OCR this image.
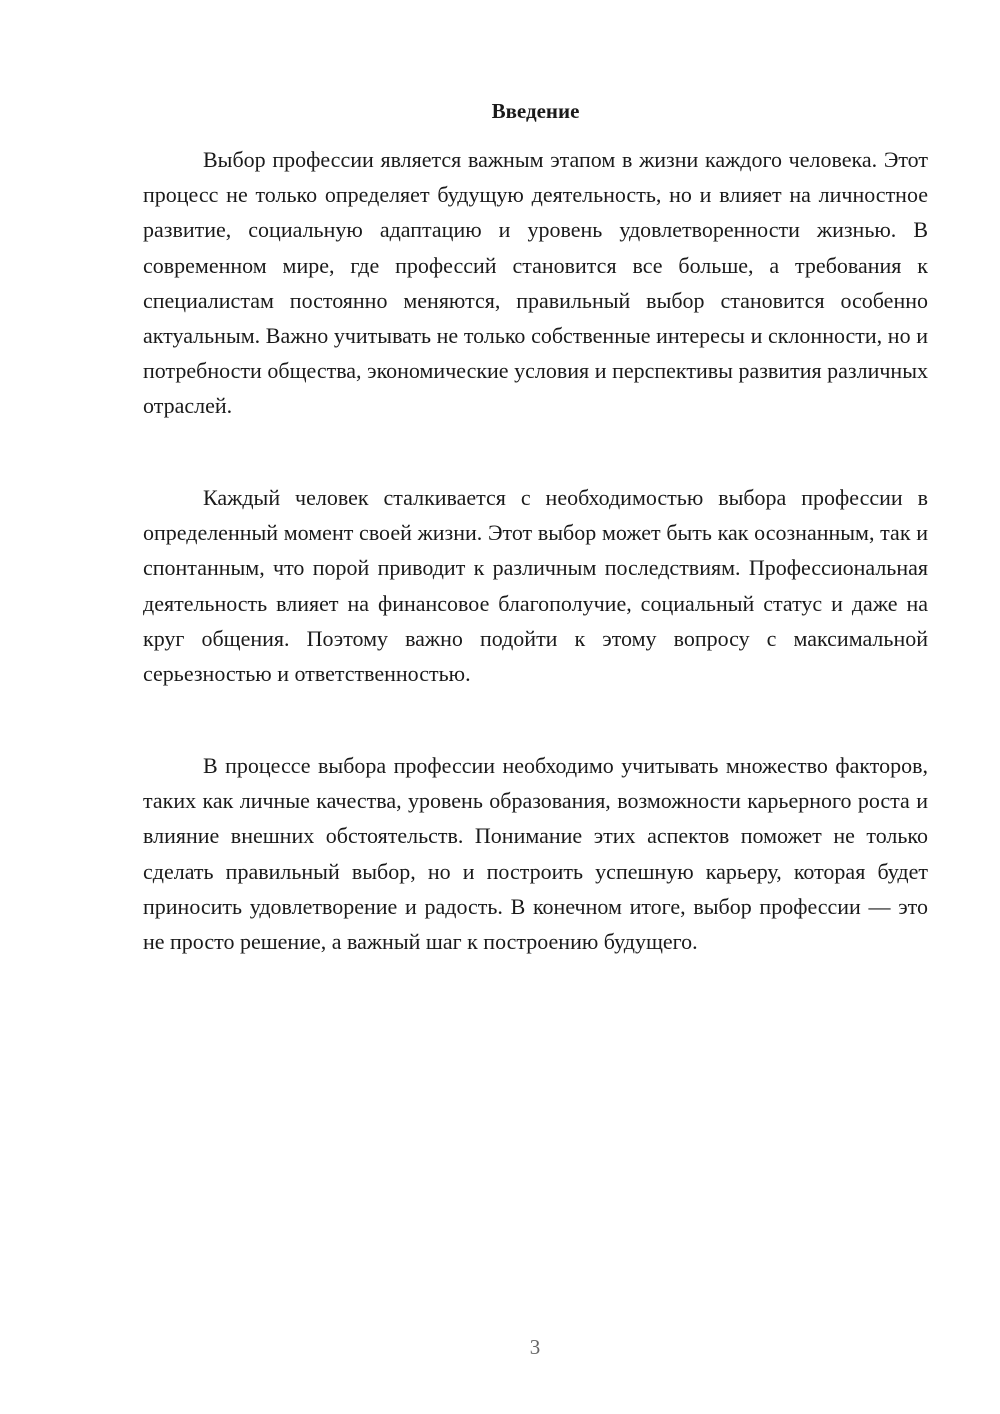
Введение

Выбор профессии является важным этапом в жизни каждого человека. Этот процесс не только определяет будущую деятельность, но и влияет на личностное развитие, социальную адаптацию и уровень удовлетворенности жизнью. В современном мире, где профессий становится все больше, а требования к специалистам постоянно меняются, правильный выбор становится особенно актуальным. Важно учитывать не только собственные интересы и склонности, но и потребности общества, экономические условия и перспективы развития различных отраслей.

Каждый человек сталкивается с необходимостью выбора профессии в определенный момент своей жизни. Этот выбор может быть как осознанным, так и спонтанным, что порой приводит к различным последствиям. Профессиональная деятельность влияет на финансовое благополучие, социальный статус и даже на круг общения. Поэтому важно подойти к этому вопросу с максимальной серьезностью и ответственностью.

В процессе выбора профессии необходимо учитывать множество факторов, таких как личные качества, уровень образования, возможности карьерного роста и влияние внешних обстоятельств. Понимание этих аспектов поможет не только сделать правильный выбор, но и построить успешную карьеру, которая будет приносить удовлетворение и радость. В конечном итоге, выбор профессии — это не просто решение, а важный шаг к построению будущего.

3
